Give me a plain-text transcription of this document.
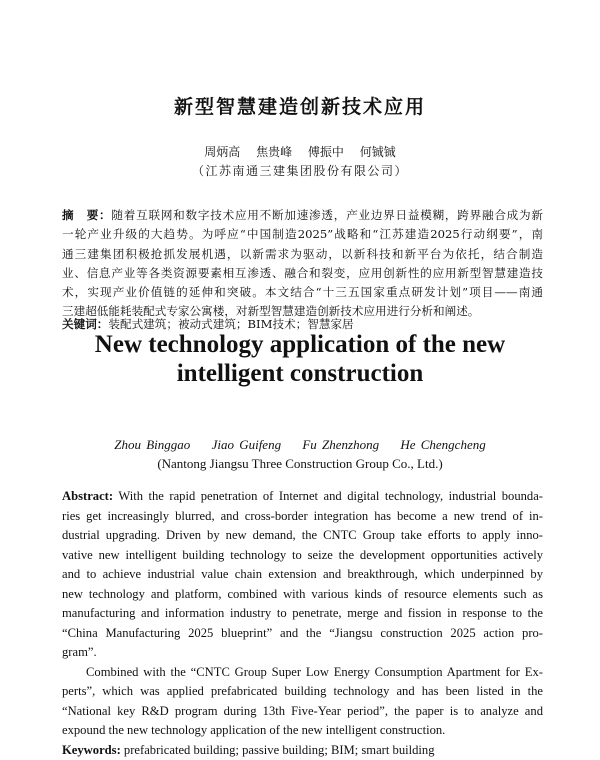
新型智慧建造创新技术应用
周炳高 焦贵峰 傅振中 何铖铖
（江苏南通三建集团股份有限公司）
摘　要：随着互联网和数字技术应用不断加速渗透，产业边界日益模糊，跨界融合成为新
一轮产业升级的大趋势。为呼应“中国制造2025”战略和“江苏建造2025行动纲要”，南
通三建集团积极抢抓发展机遇，以新需求为驱动，以新科技和新平台为依托，结合制造
业、信息产业等各类资源要素相互渗透、融合和裂变，应用创新性的应用新型智慧建造技
术，实现产业价值链的延伸和突破。本文结合“十三五国家重点研发计划”项目——南通
三建超低能耗装配式专家公寓楼，对新型智慧建造创新技术应用进行分析和阐述。
关键词：装配式建筑；被动式建筑；BIM技术；智慧家居
New technology application of the new
intelligent construction
Zhou Binggao Jiao Guifeng Fu Zhenzhong He Chengcheng
(Nantong Jiangsu Three Construction Group Co., Ltd.)
Abstract: With the rapid penetration of Internet and digital technology, industrial bounda-
ries get increasingly blurred, and cross-border integration has become a new trend of in-
dustrial upgrading. Driven by new demand, the CNTC Group take efforts to apply inno-
vative new intelligent building technology to seize the development opportunities actively
and to achieve industrial value chain extension and breakthrough, which underpinned by
new technology and platform, combined with various kinds of resource elements such as
manufacturing and information industry to penetrate, merge and fission in response to the
“China Manufacturing 2025 blueprint” and the “Jiangsu construction 2025 action pro-
gram”.
Combined with the “CNTC Group Super Low Energy Consumption Apartment for Ex-
perts”, which was applied prefabricated building technology and has been listed in the
“National key R&D program during 13th Five-Year period”, the paper is to analyze and
expound the new technology application of the new intelligent construction.
Keywords: prefabricated building; passive building; BIM; smart building
